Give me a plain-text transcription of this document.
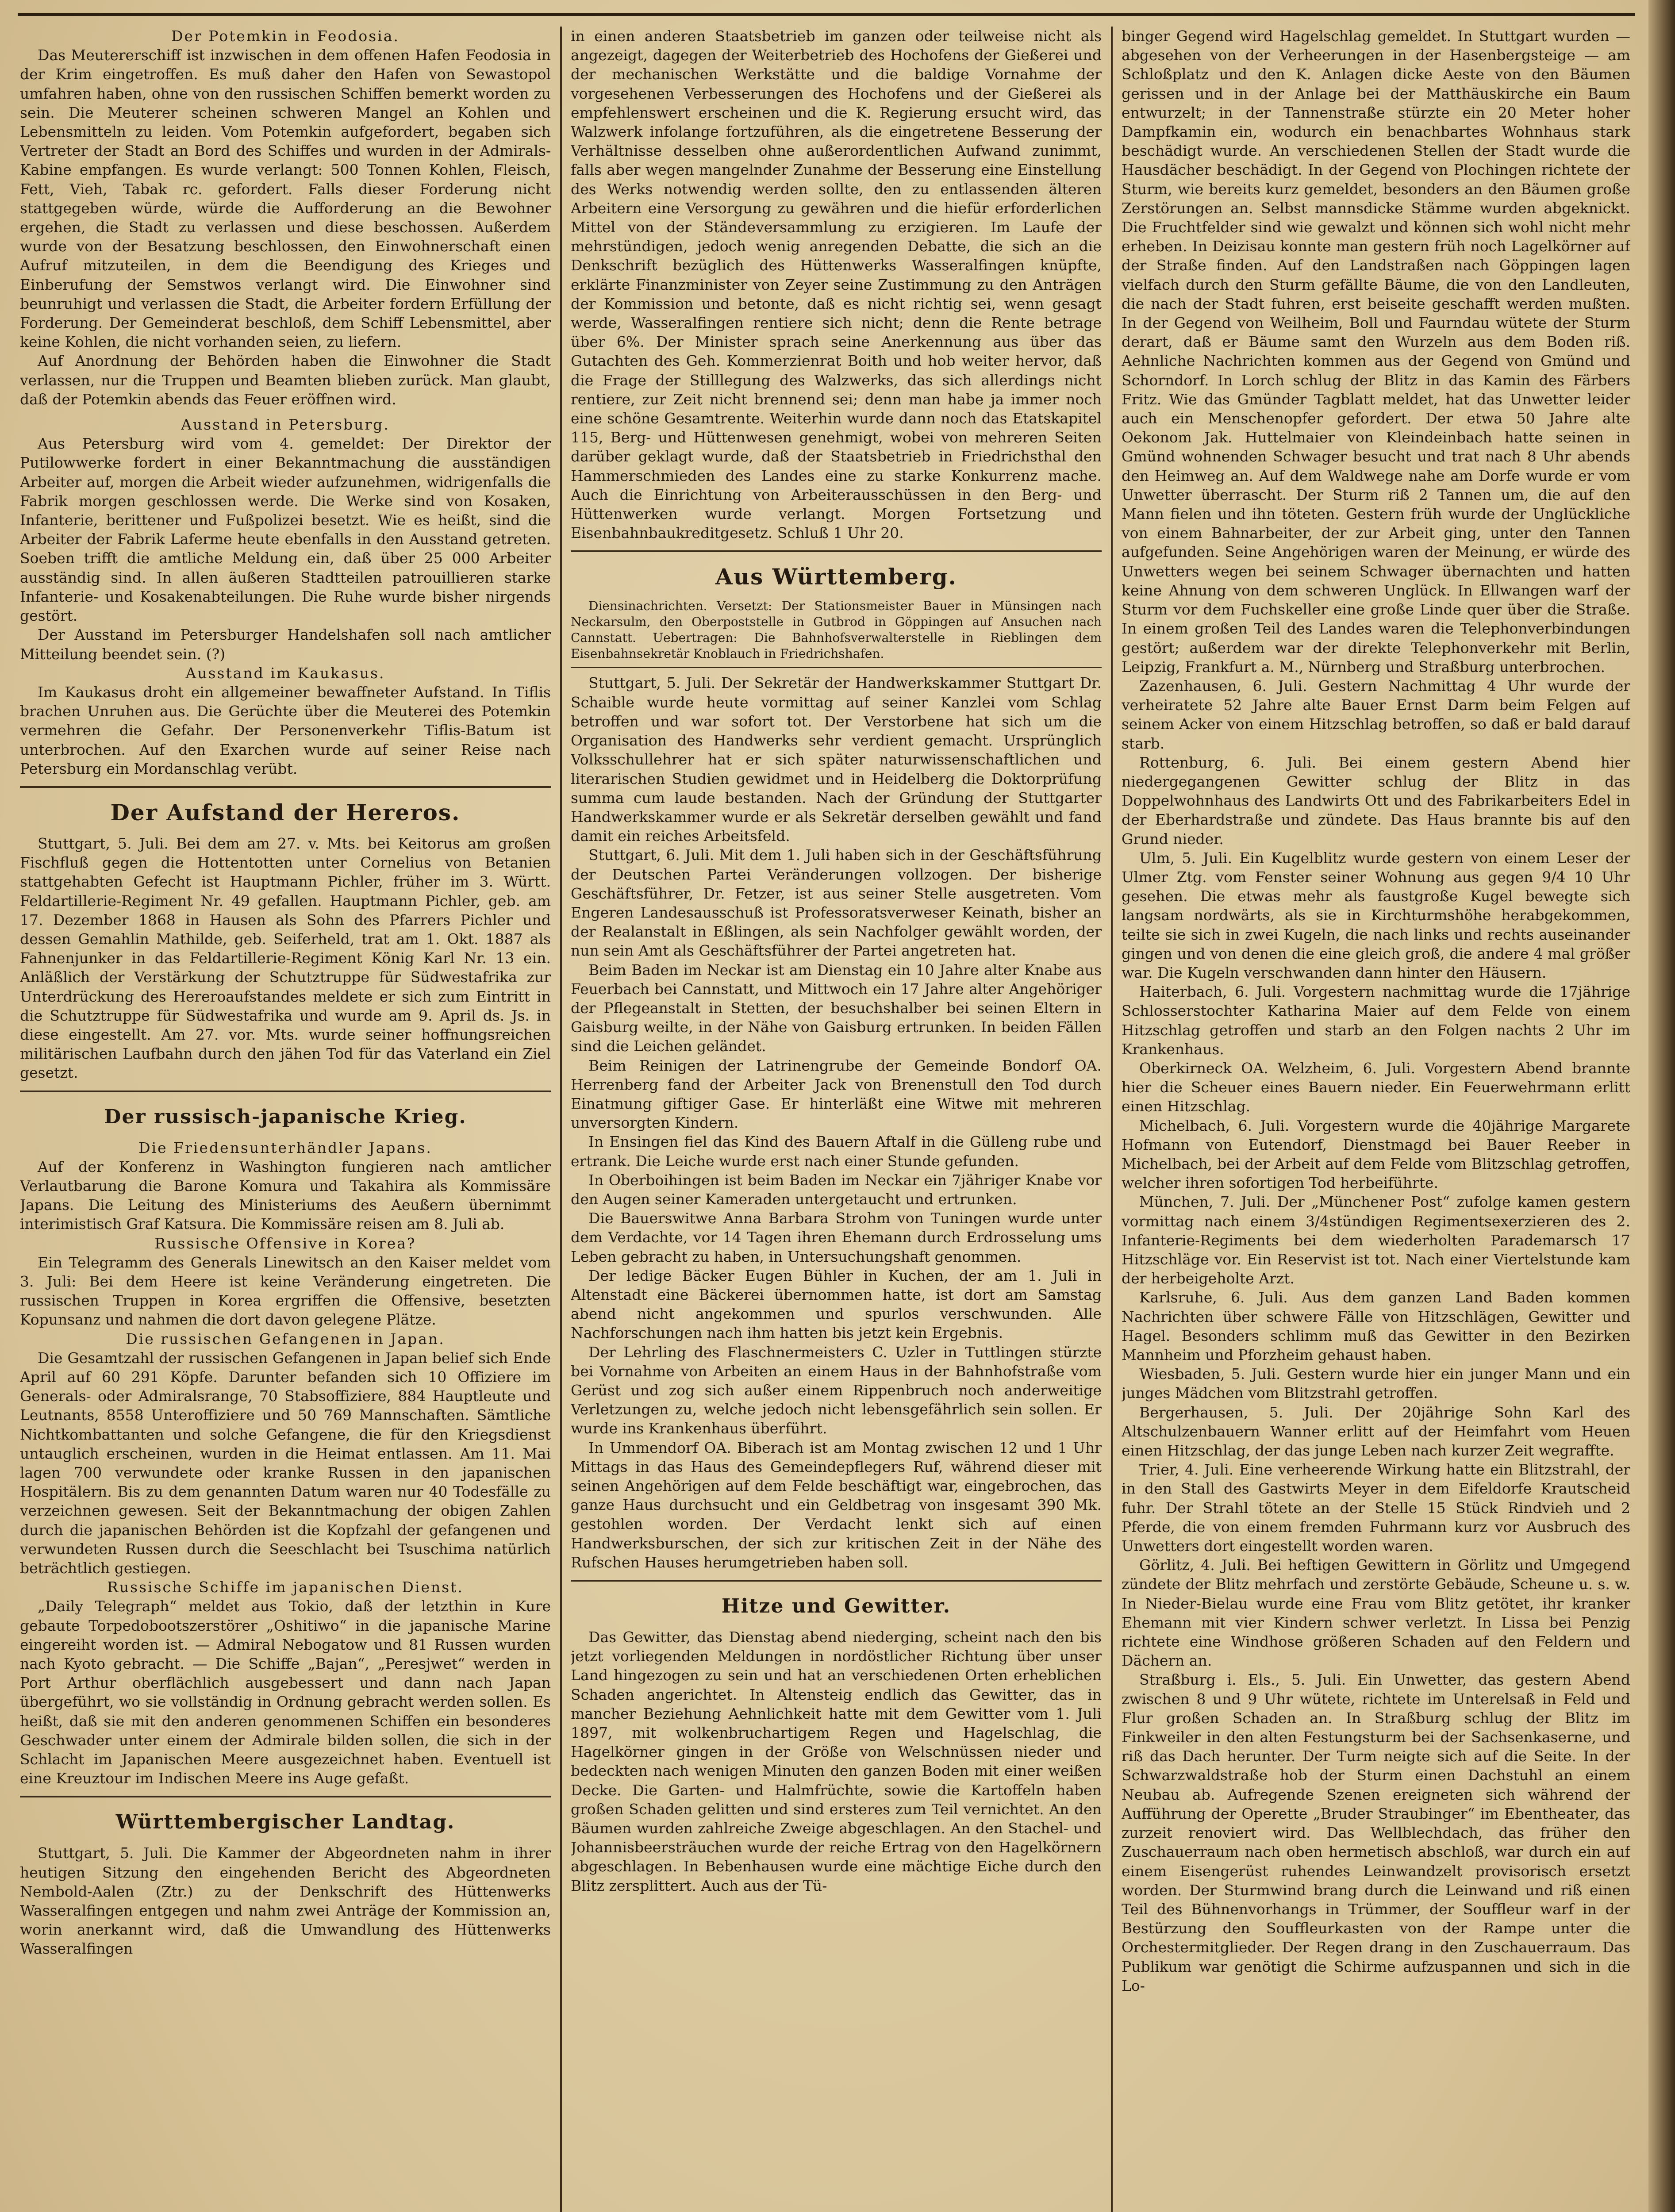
Der Potemkin in Feodosia.

Das Meutererschiff ist inzwischen in dem offenen Hafen Feodosia in der Krim eingetroffen. Es muß daher den Hafen von Sewastopol umfahren haben, ohne von den russischen Schiffen bemerkt worden zu sein. Die Meuterer scheinen schweren Mangel an Kohlen und Lebensmitteln zu leiden. Vom Potemkin aufgefordert, begaben sich Vertreter der Stadt an Bord des Schiffes und wurden in der Admirals-Kabine empfangen. Es wurde verlangt: 500 Tonnen Kohlen, Fleisch, Fett, Vieh, Tabak rc. gefordert. Falls dieser Forderung nicht stattgegeben würde, würde die Aufforderung an die Bewohner ergehen, die Stadt zu verlassen und diese beschossen. Außerdem wurde von der Besatzung beschlossen, den Einwohnerschaft einen Aufruf mitzuteilen, in dem die Beendigung des Krieges und Einberufung der Semstwos verlangt wird. Die Einwohner sind beunruhigt und verlassen die Stadt, die Arbeiter fordern Erfüllung der Forderung. Der Gemeinderat beschloß, dem Schiff Lebensmittel, aber keine Kohlen, die nicht vorhanden seien, zu liefern.

Auf Anordnung der Behörden haben die Einwohner die Stadt verlassen, nur die Truppen und Beamten blieben zurück. Man glaubt, daß der Potemkin abends das Feuer eröffnen wird.

Ausstand in Petersburg.

Aus Petersburg wird vom 4. gemeldet: Der Direktor der Putilowwerke fordert in einer Bekanntmachung die ausständigen Arbeiter auf, morgen die Arbeit wieder aufzunehmen, widrigenfalls die Fabrik morgen geschlossen werde. Die Werke sind von Kosaken, Infanterie, berittener und Fußpolizei besetzt. Wie es heißt, sind die Arbeiter der Fabrik Laferme heute ebenfalls in den Ausstand getreten. Soeben trifft die amtliche Meldung ein, daß über 25 000 Arbeiter ausständig sind. In allen äußeren Stadtteilen patrouillieren starke Infanterie- und Kosakenabteilungen. Die Ruhe wurde bisher nirgends gestört.

Der Ausstand im Petersburger Handelshafen soll nach amtlicher Mitteilung beendet sein. (?)

Ausstand im Kaukasus.

Im Kaukasus droht ein allgemeiner bewaffneter Aufstand. In Tiflis brachen Unruhen aus. Die Gerüchte über die Meuterei des Potemkin vermehren die Gefahr. Der Personenverkehr Tiflis-Batum ist unterbrochen. Auf den Exarchen wurde auf seiner Reise nach Petersburg ein Mordanschlag verübt.

Der Aufstand der Hereros.

Stuttgart, 5. Juli. Bei dem am 27. v. Mts. bei Keitorus am großen Fischfluß gegen die Hottentotten unter Cornelius von Betanien stattgehabten Gefecht ist Hauptmann Pichler, früher im 3. Württ. Feldartillerie-Regiment Nr. 49 gefallen. Hauptmann Pichler, geb. am 17. Dezember 1868 in Hausen als Sohn des Pfarrers Pichler und dessen Gemahlin Mathilde, geb. Seiferheld, trat am 1. Okt. 1887 als Fahnenjunker in das Feldartillerie-Regiment König Karl Nr. 13 ein. Anläßlich der Verstärkung der Schutztruppe für Südwestafrika zur Unterdrückung des Hereroaufstandes meldete er sich zum Eintritt in die Schutztruppe für Südwestafrika und wurde am 9. April ds. Js. in diese eingestellt. Am 27. vor. Mts. wurde seiner hoffnungsreichen militärischen Laufbahn durch den jähen Tod für das Vaterland ein Ziel gesetzt.

Der russisch-japanische Krieg.

Die Friedensunterhändler Japans.

Auf der Konferenz in Washington fungieren nach amtlicher Verlautbarung die Barone Komura und Takahira als Kommissäre Japans. Die Leitung des Ministeriums des Aeußern übernimmt interimistisch Graf Katsura. Die Kommissäre reisen am 8. Juli ab.

Russische Offensive in Korea?

Ein Telegramm des Generals Linewitsch an den Kaiser meldet vom 3. Juli: Bei dem Heere ist keine Veränderung eingetreten. Die russischen Truppen in Korea ergriffen die Offensive, besetzten Kopunsanz und nahmen die dort davon gelegene Plätze.

Die russischen Gefangenen in Japan.

Die Gesamtzahl der russischen Gefangenen in Japan belief sich Ende April auf 60 291 Köpfe. Darunter befanden sich 10 Offiziere im Generals- oder Admiralsrange, 70 Stabsoffiziere, 884 Hauptleute und Leutnants, 8558 Unteroffiziere und 50 769 Mannschaften. Sämtliche Nichtkombattanten und solche Gefangene, die für den Kriegsdienst untauglich erscheinen, wurden in die Heimat entlassen. Am 11. Mai lagen 700 verwundete oder kranke Russen in den japanischen Hospitälern. Bis zu dem genannten Datum waren nur 40 Todesfälle zu verzeichnen gewesen. Seit der Bekanntmachung der obigen Zahlen durch die japanischen Behörden ist die Kopfzahl der gefangenen und verwundeten Russen durch die Seeschlacht bei Tsuschima natürlich beträchtlich gestiegen.

Russische Schiffe im japanischen Dienst.

„Daily Telegraph“ meldet aus Tokio, daß der letzthin in Kure gebaute Torpedobootszerstörer „Oshitiwo“ in die japanische Marine eingereiht worden ist. — Admiral Nebogatow und 81 Russen wurden nach Kyoto gebracht. — Die Schiffe „Bajan“, „Peresjwet“ werden in Port Arthur oberflächlich ausgebessert und dann nach Japan übergeführt, wo sie vollständig in Ordnung gebracht werden sollen. Es heißt, daß sie mit den anderen genommenen Schiffen ein besonderes Geschwader unter einem der Admirale bilden sollen, die sich in der Schlacht im Japanischen Meere ausgezeichnet haben. Eventuell ist eine Kreuztour im Indischen Meere ins Auge gefaßt.

Württembergischer Landtag.

Stuttgart, 5. Juli. Die Kammer der Abgeordneten nahm in ihrer heutigen Sitzung den eingehenden Bericht des Abgeordneten Nembold-Aalen (Ztr.) zu der Denkschrift des Hüttenwerks Wasseralfingen entgegen und nahm zwei Anträge der Kommission an, worin anerkannt wird, daß die Umwandlung des Hüttenwerks Wasseralfingen

in einen anderen Staatsbetrieb im ganzen oder teilweise nicht als angezeigt, dagegen der Weiterbetrieb des Hochofens der Gießerei und der mechanischen Werkstätte und die baldige Vornahme der vorgesehenen Verbesserungen des Hochofens und der Gießerei als empfehlenswert erscheinen und die K. Regierung ersucht wird, das Walzwerk infolange fortzuführen, als die eingetretene Besserung der Verhältnisse desselben ohne außerordentlichen Aufwand zunimmt, falls aber wegen mangelnder Zunahme der Besserung eine Einstellung des Werks notwendig werden sollte, den zu entlassenden älteren Arbeitern eine Versorgung zu gewähren und die hiefür erforderlichen Mittel von der Ständeversammlung zu erzigieren. Im Laufe der mehrstündigen, jedoch wenig anregenden Debatte, die sich an die Denkschrift bezüglich des Hüttenwerks Wasseralfingen knüpfte, erklärte Finanzminister von Zeyer seine Zustimmung zu den Anträgen der Kommission und betonte, daß es nicht richtig sei, wenn gesagt werde, Wasseralfingen rentiere sich nicht; denn die Rente betrage über 6%. Der Minister sprach seine Anerkennung aus über das Gutachten des Geh. Kommerzienrat Boith und hob weiter hervor, daß die Frage der Stilllegung des Walzwerks, das sich allerdings nicht rentiere, zur Zeit nicht brennend sei; denn man habe ja immer noch eine schöne Gesamtrente. Weiterhin wurde dann noch das Etatskapitel 115, Berg- und Hüttenwesen genehmigt, wobei von mehreren Seiten darüber geklagt wurde, daß der Staatsbetrieb in Friedrichsthal den Hammerschmieden des Landes eine zu starke Konkurrenz mache. Auch die Einrichtung von Arbeiterausschüssen in den Berg- und Hüttenwerken wurde verlangt. Morgen Fortsetzung und Eisenbahnbaukreditgesetz. Schluß 1 Uhr 20.

Aus Württemberg.

Diensinachrichten. Versetzt: Der Stationsmeister Bauer in Münsingen nach Neckarsulm, den Oberpoststelle in Gutbrod in Göppingen auf Ansuchen nach Cannstatt. Uebertragen: Die Bahnhofsverwalterstelle in Rieblingen dem Eisenbahnsekretär Knoblauch in Friedrichshafen.

Stuttgart, 5. Juli. Der Sekretär der Handwerkskammer Stuttgart Dr. Schaible wurde heute vormittag auf seiner Kanzlei vom Schlag betroffen und war sofort tot. Der Verstorbene hat sich um die Organisation des Handwerks sehr verdient gemacht. Ursprünglich Volksschullehrer hat er sich später naturwissenschaftlichen und literarischen Studien gewidmet und in Heidelberg die Doktorprüfung summa cum laude bestanden. Nach der Gründung der Stuttgarter Handwerkskammer wurde er als Sekretär derselben gewählt und fand damit ein reiches Arbeitsfeld.

Stuttgart, 6. Juli. Mit dem 1. Juli haben sich in der Geschäftsführung der Deutschen Partei Veränderungen vollzogen. Der bisherige Geschäftsführer, Dr. Fetzer, ist aus seiner Stelle ausgetreten. Vom Engeren Landesausschuß ist Professoratsverweser Keinath, bisher an der Realanstalt in Eßlingen, als sein Nachfolger gewählt worden, der nun sein Amt als Geschäftsführer der Partei angetreten hat.

Beim Baden im Neckar ist am Dienstag ein 10 Jahre alter Knabe aus Feuerbach bei Cannstatt, und Mittwoch ein 17 Jahre alter Angehöriger der Pflegeanstalt in Stetten, der besuchshalber bei seinen Eltern in Gaisburg weilte, in der Nähe von Gaisburg ertrunken. In beiden Fällen sind die Leichen geländet.

Beim Reinigen der Latrinengrube der Gemeinde Bondorf OA. Herrenberg fand der Arbeiter Jack von Brenenstull den Tod durch Einatmung giftiger Gase. Er hinterläßt eine Witwe mit mehreren unversorgten Kindern.

In Ensingen fiel das Kind des Bauern Aftalf in die Gülleng rube und ertrank. Die Leiche wurde erst nach einer Stunde gefunden.

In Oberboihingen ist beim Baden im Neckar ein 7jähriger Knabe vor den Augen seiner Kameraden untergetaucht und ertrunken.

Die Bauerswitwe Anna Barbara Strohm von Tuningen wurde unter dem Verdachte, vor 14 Tagen ihren Ehemann durch Erdrosselung ums Leben gebracht zu haben, in Untersuchungshaft genommen.

Der ledige Bäcker Eugen Bühler in Kuchen, der am 1. Juli in Altenstadt eine Bäckerei übernommen hatte, ist dort am Samstag abend nicht angekommen und spurlos verschwunden. Alle Nachforschungen nach ihm hatten bis jetzt kein Ergebnis.

Der Lehrling des Flaschnermeisters C. Uzler in Tuttlingen stürzte bei Vornahme von Arbeiten an einem Haus in der Bahnhofstraße vom Gerüst und zog sich außer einem Rippenbruch noch anderweitige Verletzungen zu, welche jedoch nicht lebensgefährlich sein sollen. Er wurde ins Krankenhaus überführt.

In Ummendorf OA. Biberach ist am Montag zwischen 12 und 1 Uhr Mittags in das Haus des Gemeindepflegers Ruf, während dieser mit seinen Angehörigen auf dem Felde beschäftigt war, eingebrochen, das ganze Haus durchsucht und ein Geldbetrag von insgesamt 390 Mk. gestohlen worden. Der Verdacht lenkt sich auf einen Handwerksburschen, der sich zur kritischen Zeit in der Nähe des Rufschen Hauses herumgetrieben haben soll.

Hitze und Gewitter.

Das Gewitter, das Dienstag abend niederging, scheint nach den bis jetzt vorliegenden Meldungen in nordöstlicher Richtung über unser Land hingezogen zu sein und hat an verschiedenen Orten erheblichen Schaden angerichtet. In Altensteig endlich das Gewitter, das in mancher Beziehung Aehnlichkeit hatte mit dem Gewitter vom 1. Juli 1897, mit wolkenbruchartigem Regen und Hagelschlag, die Hagelkörner gingen in der Größe von Welschnüssen nieder und bedeckten nach wenigen Minuten den ganzen Boden mit einer weißen Decke. Die Garten- und Halmfrüchte, sowie die Kartoffeln haben großen Schaden gelitten und sind ersteres zum Teil vernichtet. An den Bäumen wurden zahlreiche Zweige abgeschlagen. An den Stachel- und Johannisbeersträuchen wurde der reiche Ertrag von den Hagelkörnern abgeschlagen. In Bebenhausen wurde eine mächtige Eiche durch den Blitz zersplittert. Auch aus der Tü-

binger Gegend wird Hagelschlag gemeldet. In Stuttgart wurden — abgesehen von der Verheerungen in der Hasenbergsteige — am Schloßplatz und den K. Anlagen dicke Aeste von den Bäumen gerissen und in der Anlage bei der Matthäuskirche ein Baum entwurzelt; in der Tannenstraße stürzte ein 20 Meter hoher Dampfkamin ein, wodurch ein benachbartes Wohnhaus stark beschädigt wurde. An verschiedenen Stellen der Stadt wurde die Hausdächer beschädigt. In der Gegend von Plochingen richtete der Sturm, wie bereits kurz gemeldet, besonders an den Bäumen große Zerstörungen an. Selbst mannsdicke Stämme wurden abgeknickt. Die Fruchtfelder sind wie gewalzt und können sich wohl nicht mehr erheben. In Deizisau konnte man gestern früh noch Lagelkörner auf der Straße finden. Auf den Landstraßen nach Göppingen lagen vielfach durch den Sturm gefällte Bäume, die von den Landleuten, die nach der Stadt fuhren, erst beiseite geschafft werden mußten. In der Gegend von Weilheim, Boll und Faurndau wütete der Sturm derart, daß er Bäume samt den Wurzeln aus dem Boden riß. Aehnliche Nachrichten kommen aus der Gegend von Gmünd und Schorndorf. In Lorch schlug der Blitz in das Kamin des Färbers Fritz. Wie das Gmünder Tagblatt meldet, hat das Unwetter leider auch ein Menschenopfer gefordert. Der etwa 50 Jahre alte Oekonom Jak. Huttelmaier von Kleindeinbach hatte seinen in Gmünd wohnenden Schwager besucht und trat nach 8 Uhr abends den Heimweg an. Auf dem Waldwege nahe am Dorfe wurde er vom Unwetter überrascht. Der Sturm riß 2 Tannen um, die auf den Mann fielen und ihn töteten. Gestern früh wurde der Unglückliche von einem Bahnarbeiter, der zur Arbeit ging, unter den Tannen aufgefunden. Seine Angehörigen waren der Meinung, er würde des Unwetters wegen bei seinem Schwager übernachten und hatten keine Ahnung von dem schweren Unglück. In Ellwangen warf der Sturm vor dem Fuchskeller eine große Linde quer über die Straße. In einem großen Teil des Landes waren die Telephonverbindungen gestört; außerdem war der direkte Telephonverkehr mit Berlin, Leipzig, Frankfurt a. M., Nürnberg und Straßburg unterbrochen.

Zazenhausen, 6. Juli. Gestern Nachmittag 4 Uhr wurde der verheiratete 52 Jahre alte Bauer Ernst Darm beim Felgen auf seinem Acker von einem Hitzschlag betroffen, so daß er bald darauf starb.

Rottenburg, 6. Juli. Bei einem gestern Abend hier niedergegangenen Gewitter schlug der Blitz in das Doppelwohnhaus des Landwirts Ott und des Fabrikarbeiters Edel in der Eberhardstraße und zündete. Das Haus brannte bis auf den Grund nieder.

Ulm, 5. Juli. Ein Kugelblitz wurde gestern von einem Leser der Ulmer Ztg. vom Fenster seiner Wohnung aus gegen 9/4 10 Uhr gesehen. Die etwas mehr als faustgroße Kugel bewegte sich langsam nordwärts, als sie in Kirchturmshöhe herabgekommen, teilte sie sich in zwei Kugeln, die nach links und rechts auseinander gingen und von denen die eine gleich groß, die andere 4 mal größer war. Die Kugeln verschwanden dann hinter den Häusern.

Haiterbach, 6. Juli. Vorgestern nachmittag wurde die 17jährige Schlosserstochter Katharina Maier auf dem Felde von einem Hitzschlag getroffen und starb an den Folgen nachts 2 Uhr im Krankenhaus.

Oberkirneck OA. Welzheim, 6. Juli. Vorgestern Abend brannte hier die Scheuer eines Bauern nieder. Ein Feuerwehrmann erlitt einen Hitzschlag.

Michelbach, 6. Juli. Vorgestern wurde die 40jährige Margarete Hofmann von Eutendorf, Dienstmagd bei Bauer Reeber in Michelbach, bei der Arbeit auf dem Felde vom Blitzschlag getroffen, welcher ihren sofortigen Tod herbeiführte.

München, 7. Juli. Der „Münchener Post“ zufolge kamen gestern vormittag nach einem 3/4stündigen Regimentsexerzieren des 2. Infanterie-Regiments bei dem wiederholten Parademarsch 17 Hitzschläge vor. Ein Reservist ist tot. Nach einer Viertelstunde kam der herbeigeholte Arzt.

Karlsruhe, 6. Juli. Aus dem ganzen Land Baden kommen Nachrichten über schwere Fälle von Hitzschlägen, Gewitter und Hagel. Besonders schlimm muß das Gewitter in den Bezirken Mannheim und Pforzheim gehaust haben.

Wiesbaden, 5. Juli. Gestern wurde hier ein junger Mann und ein junges Mädchen vom Blitzstrahl getroffen.

Bergerhausen, 5. Juli. Der 20jährige Sohn Karl des Altschulzenbauern Wanner erlitt auf der Heimfahrt vom Heuen einen Hitzschlag, der das junge Leben nach kurzer Zeit wegraffte.

Trier, 4. Juli. Eine verheerende Wirkung hatte ein Blitzstrahl, der in den Stall des Gastwirts Meyer in dem Eifeldorfe Krautscheid fuhr. Der Strahl tötete an der Stelle 15 Stück Rindvieh und 2 Pferde, die von einem fremden Fuhrmann kurz vor Ausbruch des Unwetters dort eingestellt worden waren.

Görlitz, 4. Juli. Bei heftigen Gewittern in Görlitz und Umgegend zündete der Blitz mehrfach und zerstörte Gebäude, Scheune u. s. w. In Nieder-Bielau wurde eine Frau vom Blitz getötet, ihr kranker Ehemann mit vier Kindern schwer verletzt. In Lissa bei Penzig richtete eine Windhose größeren Schaden auf den Feldern und Dächern an.

Straßburg i. Els., 5. Juli. Ein Unwetter, das gestern Abend zwischen 8 und 9 Uhr wütete, richtete im Unterelsaß in Feld und Flur großen Schaden an. In Straßburg schlug der Blitz im Finkweiler in den alten Festungsturm bei der Sachsenkaserne, und riß das Dach herunter. Der Turm neigte sich auf die Seite. In der Schwarzwaldstraße hob der Sturm einen Dachstuhl an einem Neubau ab. Aufregende Szenen ereigneten sich während der Aufführung der Operette „Bruder Straubinger“ im Ebentheater, das zurzeit renoviert wird. Das Wellblechdach, das früher den Zuschauerraum nach oben hermetisch abschloß, war durch ein auf einem Eisengerüst ruhendes Leinwandzelt provisorisch ersetzt worden. Der Sturmwind brang durch die Leinwand und riß einen Teil des Bühnenvorhangs in Trümmer, der Souffleur warf in der Bestürzung den Souffleurkasten von der Rampe unter die Orchestermitglieder. Der Regen drang in den Zuschauerraum. Das Publikum war genötigt die Schirme aufzuspannen und sich in die Lo-
